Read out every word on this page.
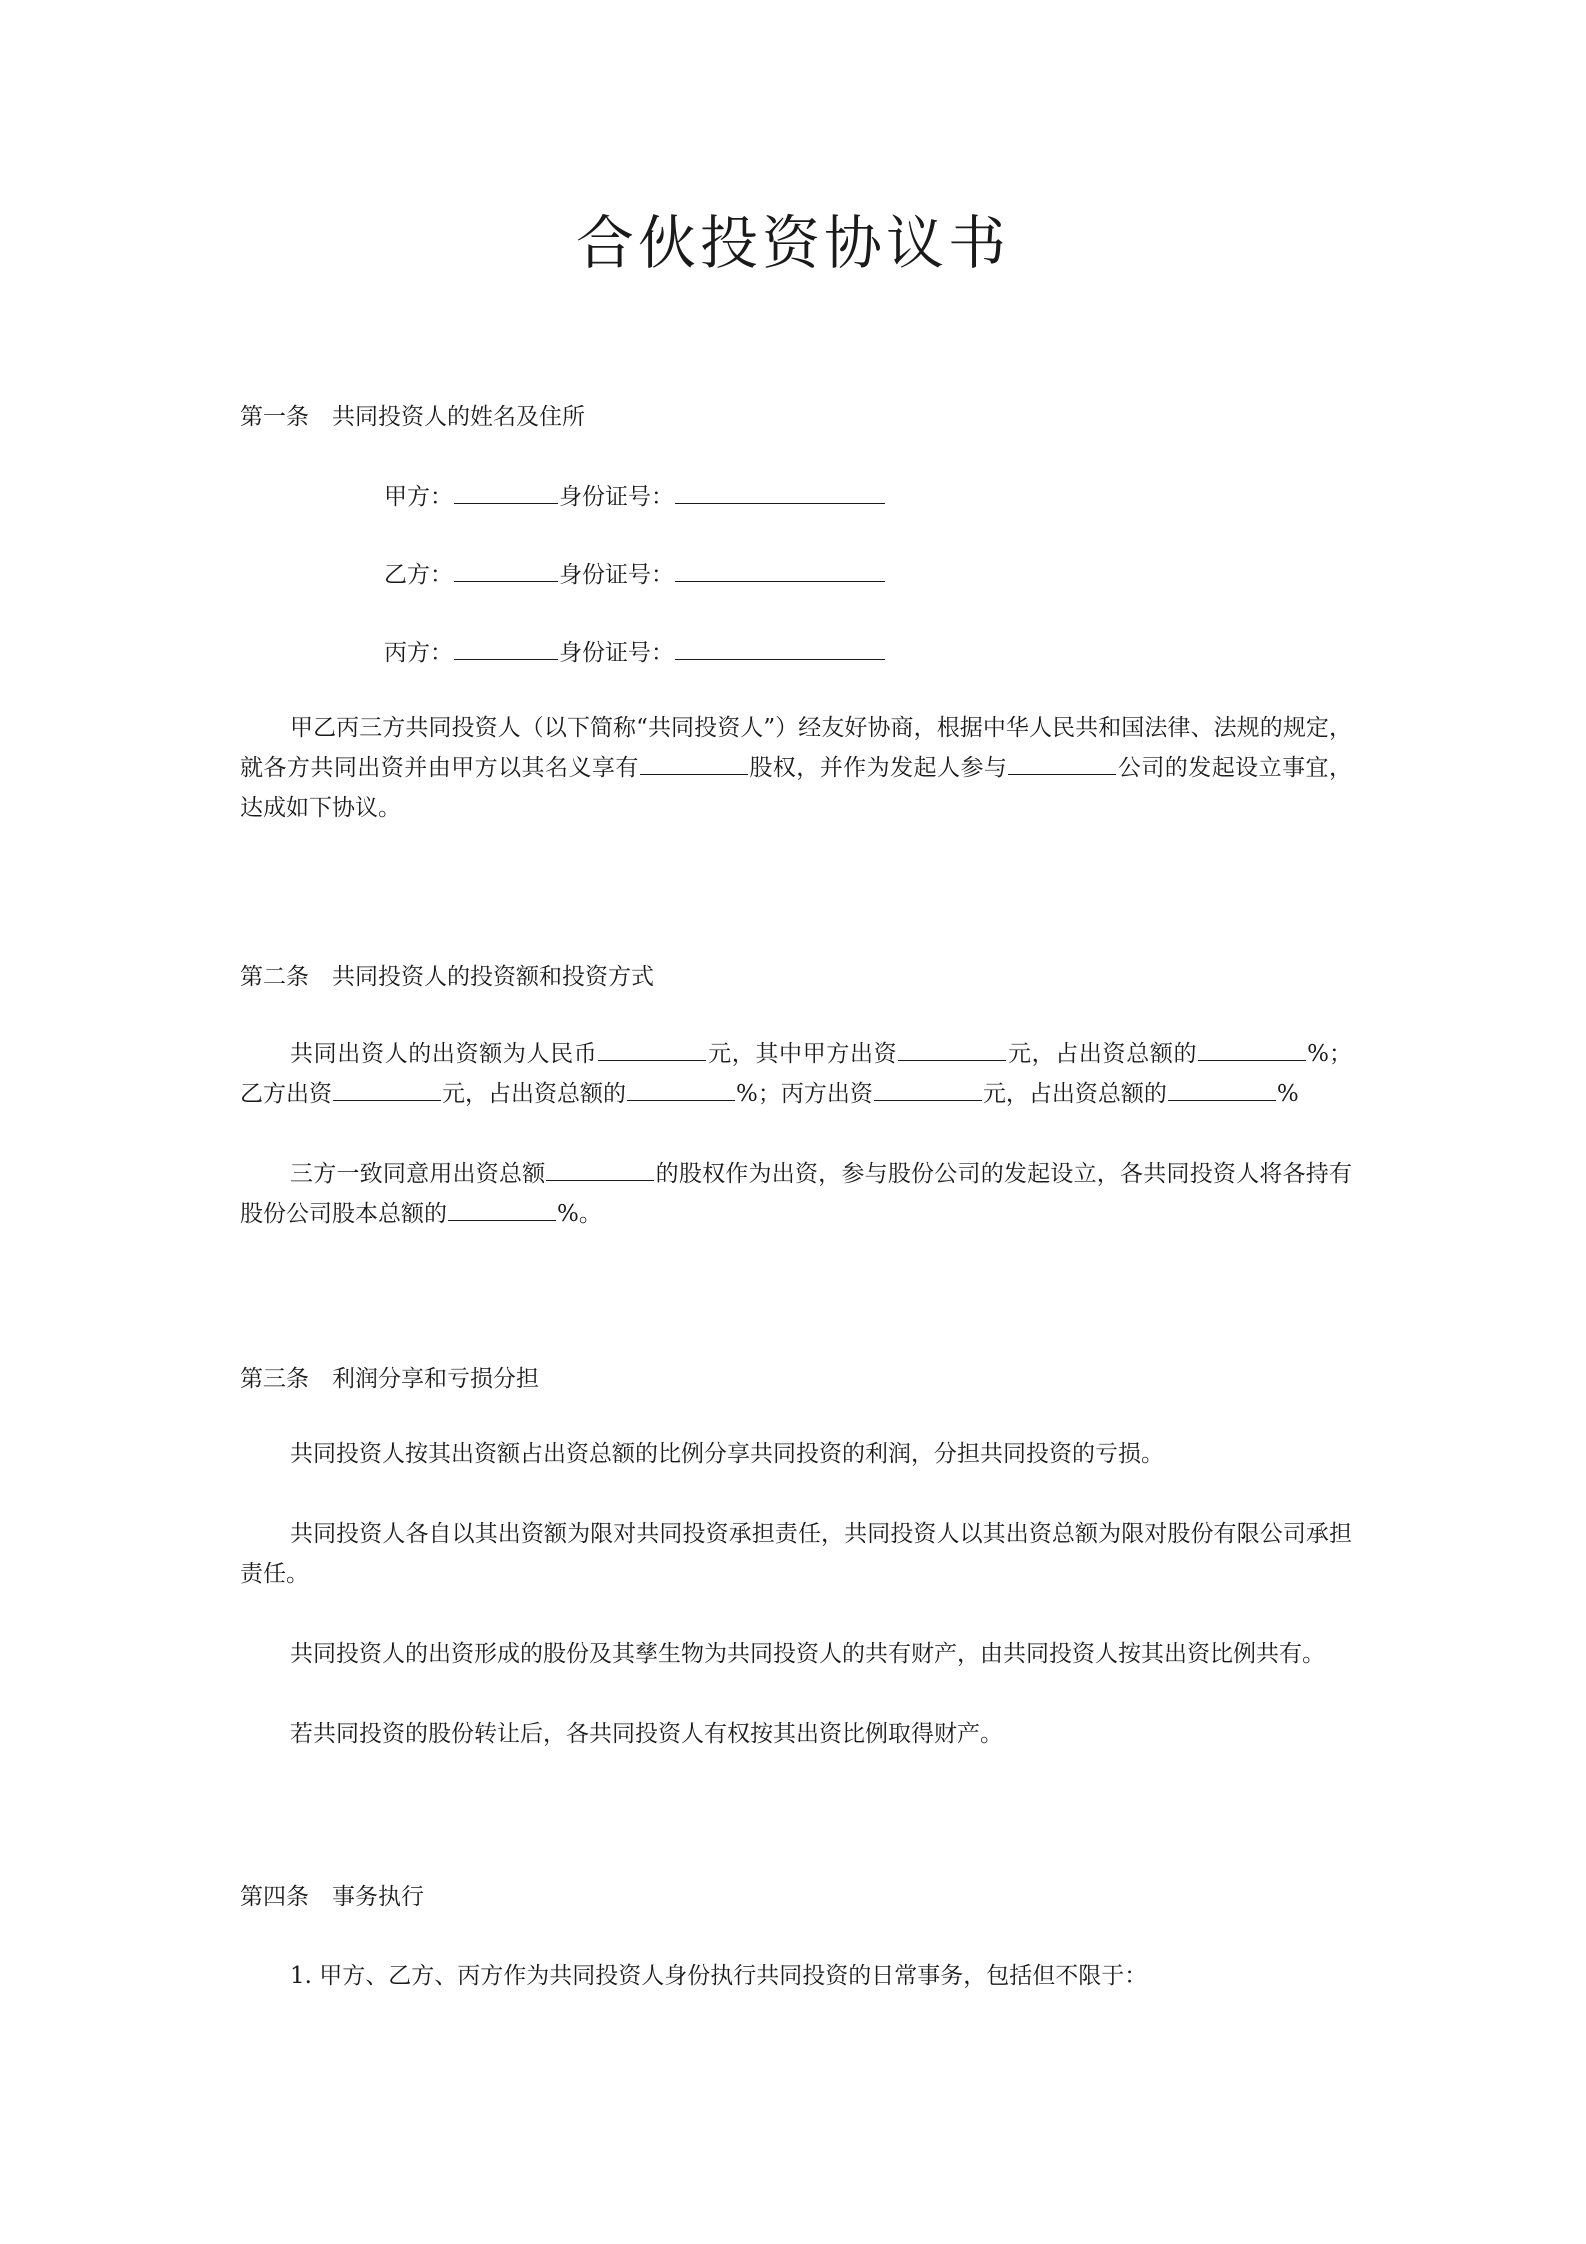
合伙投资协议书
第一条　共同投资人的姓名及住所
甲方：	身份证号：
乙方：	身份证号：
丙方：	身份证号：
甲乙丙三方共同投资人（以下简称“共同投资人”）经友好协商，根据中华人民共和国法律、法规的规定，就各方共同出资并由甲方以其名义享有	股权，并作为发起人参与	公司的发起设立事宜，达成如下协议。
第二条　共同投资人的投资额和投资方式
共同出资人的出资额为人民币	元，其中甲方出资	元，占出资总额的	%；乙方出资	元，占出资总额的	%；丙方出资	元，占出资总额的	%
三方一致同意用出资总额	的股权作为出资，参与股份公司的发起设立，各共同投资人将各持有股份公司股本总额的	%。
第三条　利润分享和亏损分担
共同投资人按其出资额占出资总额的比例分享共同投资的利润，分担共同投资的亏损。
共同投资人各自以其出资额为限对共同投资承担责任，共同投资人以其出资总额为限对股份有限公司承担责任。
共同投资人的出资形成的股份及其孳生物为共同投资人的共有财产，由共同投资人按其出资比例共有。
若共同投资的股份转让后，各共同投资人有权按其出资比例取得财产。
第四条　事务执行
1. 甲方、乙方、丙方作为共同投资人身份执行共同投资的日常事务，包括但不限于：
